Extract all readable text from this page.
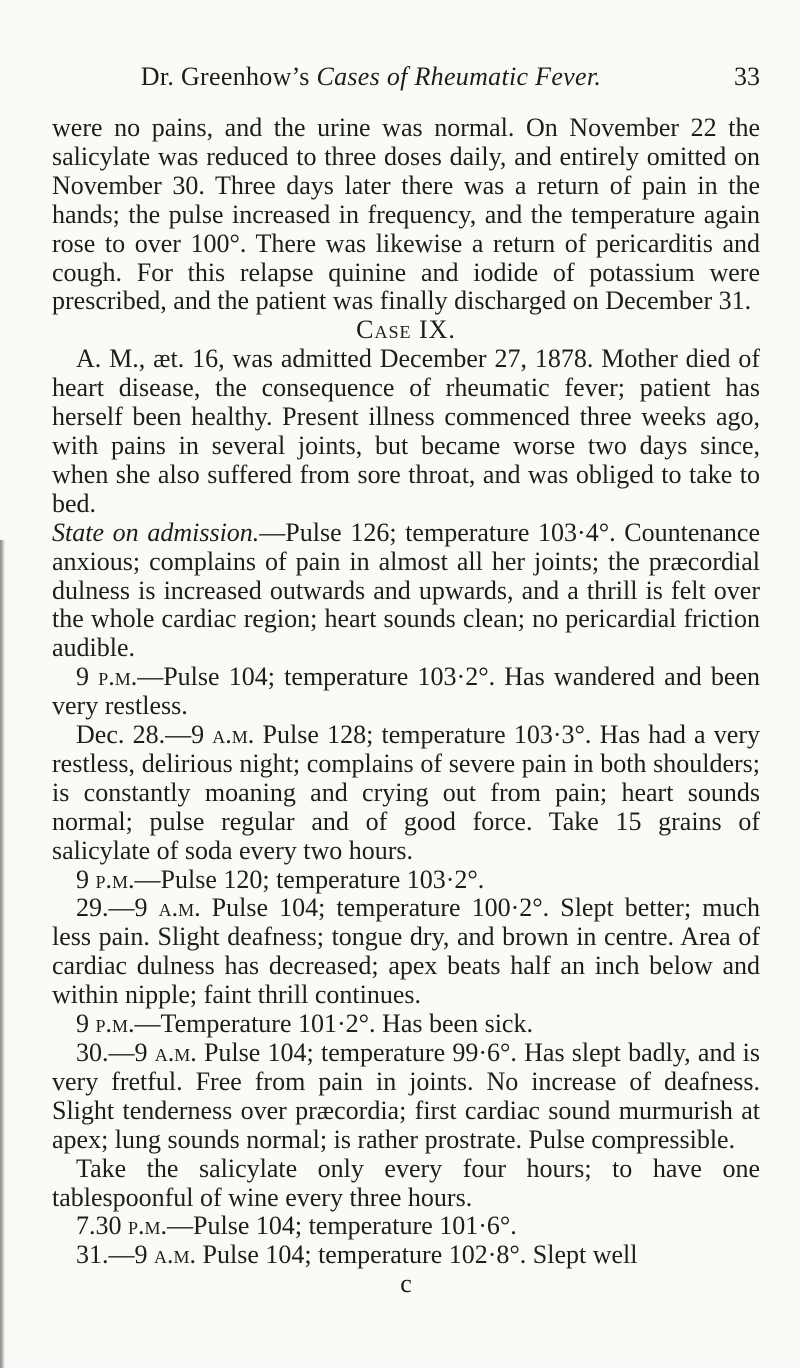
Dr. Greenhow’s Cases of Rheumatic Fever.	33

were no pains, and the urine was normal. On November 22 the salicylate was reduced to three doses daily, and entirely omitted on November 30. Three days later there was a return of pain in the hands; the pulse increased in frequency, and the temperature again rose to over 100°. There was likewise a return of pericarditis and cough. For this relapse quinine and iodide of potassium were prescribed, and the patient was finally discharged on December 31.

Case IX.

A. M., æt. 16, was admitted December 27, 1878. Mother died of heart disease, the consequence of rheumatic fever; patient has herself been healthy. Present illness commenced three weeks ago, with pains in several joints, but became worse two days since, when she also suffered from sore throat, and was obliged to take to bed.

State on admission.—Pulse 126; temperature 103·4°. Countenance anxious; complains of pain in almost all her joints; the præcordial dulness is increased outwards and upwards, and a thrill is felt over the whole cardiac region; heart sounds clean; no pericardial friction audible.

9 p.m.—Pulse 104; temperature 103·2°. Has wandered and been very restless.

Dec. 28.—9 a.m. Pulse 128; temperature 103·3°. Has had a very restless, delirious night; complains of severe pain in both shoulders; is constantly moaning and crying out from pain; heart sounds normal; pulse regular and of good force. Take 15 grains of salicylate of soda every two hours.

9 p.m.—Pulse 120; temperature 103·2°.

29.—9 a.m. Pulse 104; temperature 100·2°. Slept better; much less pain. Slight deafness; tongue dry, and brown in centre. Area of cardiac dulness has decreased; apex beats half an inch below and within nipple; faint thrill continues.

9 p.m.—Temperature 101·2°. Has been sick.

30.—9 a.m. Pulse 104; temperature 99·6°. Has slept badly, and is very fretful. Free from pain in joints. No increase of deafness. Slight tenderness over præcordia; first cardiac sound murmurish at apex; lung sounds normal; is rather prostrate. Pulse compressible.

Take the salicylate only every four hours; to have one tablespoonful of wine every three hours.

7.30 p.m.—Pulse 104; temperature 101·6°.

31.—9 a.m. Pulse 104; temperature 102·8°. Slept well

c
